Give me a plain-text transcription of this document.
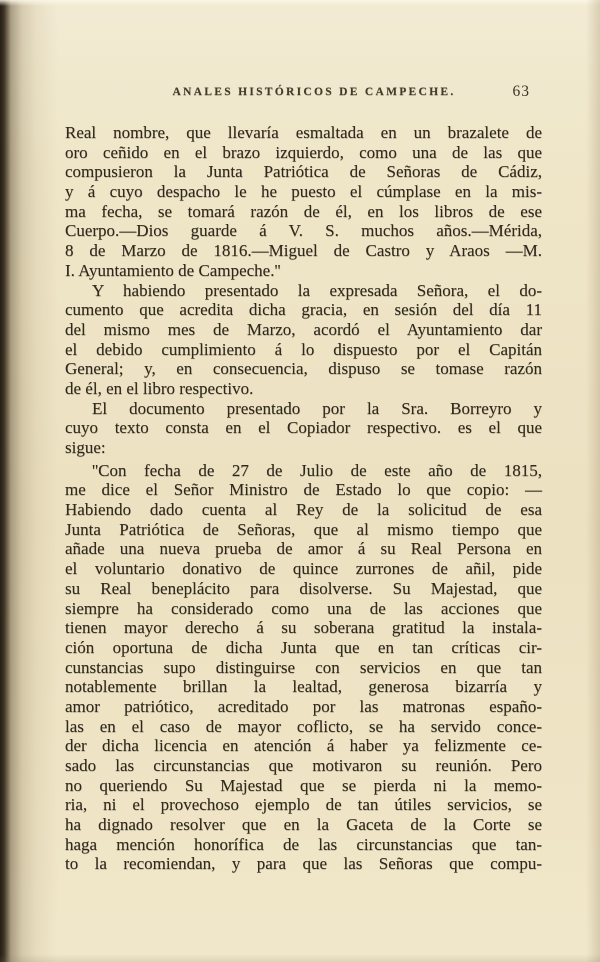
ANALES HISTÓRICOS DE CAMPECHE.	63
Real nombre, que llevaría esmaltada en un brazalete de
oro ceñido en el brazo izquierdo, como una de las que
compusieron la Junta Patriótica de Señoras de Cádiz,
y á cuyo despacho le he puesto el cúmplase en la mis-
ma fecha, se tomará razón de él, en los libros de ese
Cuerpo.—Dios guarde á V. S. muchos años.—Mérida,
8 de Marzo de 1816.—Miguel de Castro y Araos —M.
I. Ayuntamiento de Campeche.''
Y habiendo presentado la expresada Señora, el do-
cumento que acredita dicha gracia, en sesión del día 11
del mismo mes de Marzo, acordó el Ayuntamiento dar
el debido cumplimiento á lo dispuesto por el Capitán
General; y, en consecuencia, dispuso se tomase razón
de él, en el libro respectivo.
El documento presentado por la Sra. Borreyro y
cuyo texto consta en el Copiador respectivo. es el que
sigue:
''Con fecha de 27 de Julio de este año de 1815,
me dice el Señor Ministro de Estado lo que copio: —
Habiendo dado cuenta al Rey de la solicitud de esa
Junta Patriótica de Señoras, que al mismo tiempo que
añade una nueva prueba de amor á su Real Persona en
el voluntario donativo de quince zurrones de añil, pide
su Real beneplácito para disolverse. Su Majestad, que
siempre ha considerado como una de las acciones que
tienen mayor derecho á su soberana gratitud la instala-
ción oportuna de dicha Junta que en tan críticas cir-
cunstancias supo distinguirse con servicios en que tan
notablemente brillan la lealtad, generosa bizarría y
amor patriótico, acreditado por las matronas españo-
las en el caso de mayor coflicto, se ha servido conce-
der dicha licencia en atención á haber ya felizmente ce-
sado las circunstancias que motivaron su reunión. Pero
no queriendo Su Majestad que se pierda ni la memo-
ria, ni el provechoso ejemplo de tan útiles servicios, se
ha dignado resolver que en la Gaceta de la Corte se
haga mención honorífica de las circunstancias que tan-
to la recomiendan, y para que las Señoras que compu-
